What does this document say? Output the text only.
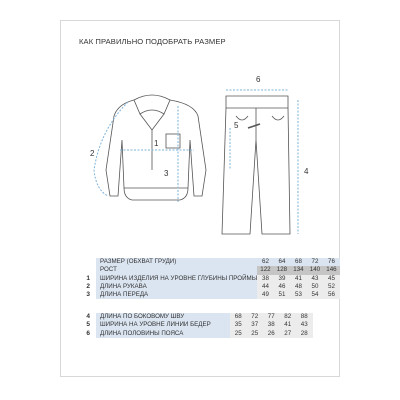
КАК ПРАВИЛЬНО ПОДОБРАТЬ РАЗМЕР
1
2
3	4
5
6
	РАЗМЕР (ОБХВАТ ГРУДИ)	62	64	68	72	76
	РОСТ	122	128	134	140	146
1	ШИРИНА ИЗДЕЛИЯ НА УРОВНЕ ГЛУБИНЫ ПРОЙМЫ	38	39	41	43	45
2	ДЛИНА РУКАВА	44	46	48	50	52
3	ДЛИНА ПЕРЕДА	49	51	53	54	56
4	ДЛИНА ПО БОКОВОМУ ШВУ	68	72	77	82	88
5	ШИРИНА НА УРОВНЕ ЛИНИИ БЕДЕР	35	37	38	41	43
6	ДЛИНА ПОЛОВИНЫ ПОЯСА	25	25	26	27	28
